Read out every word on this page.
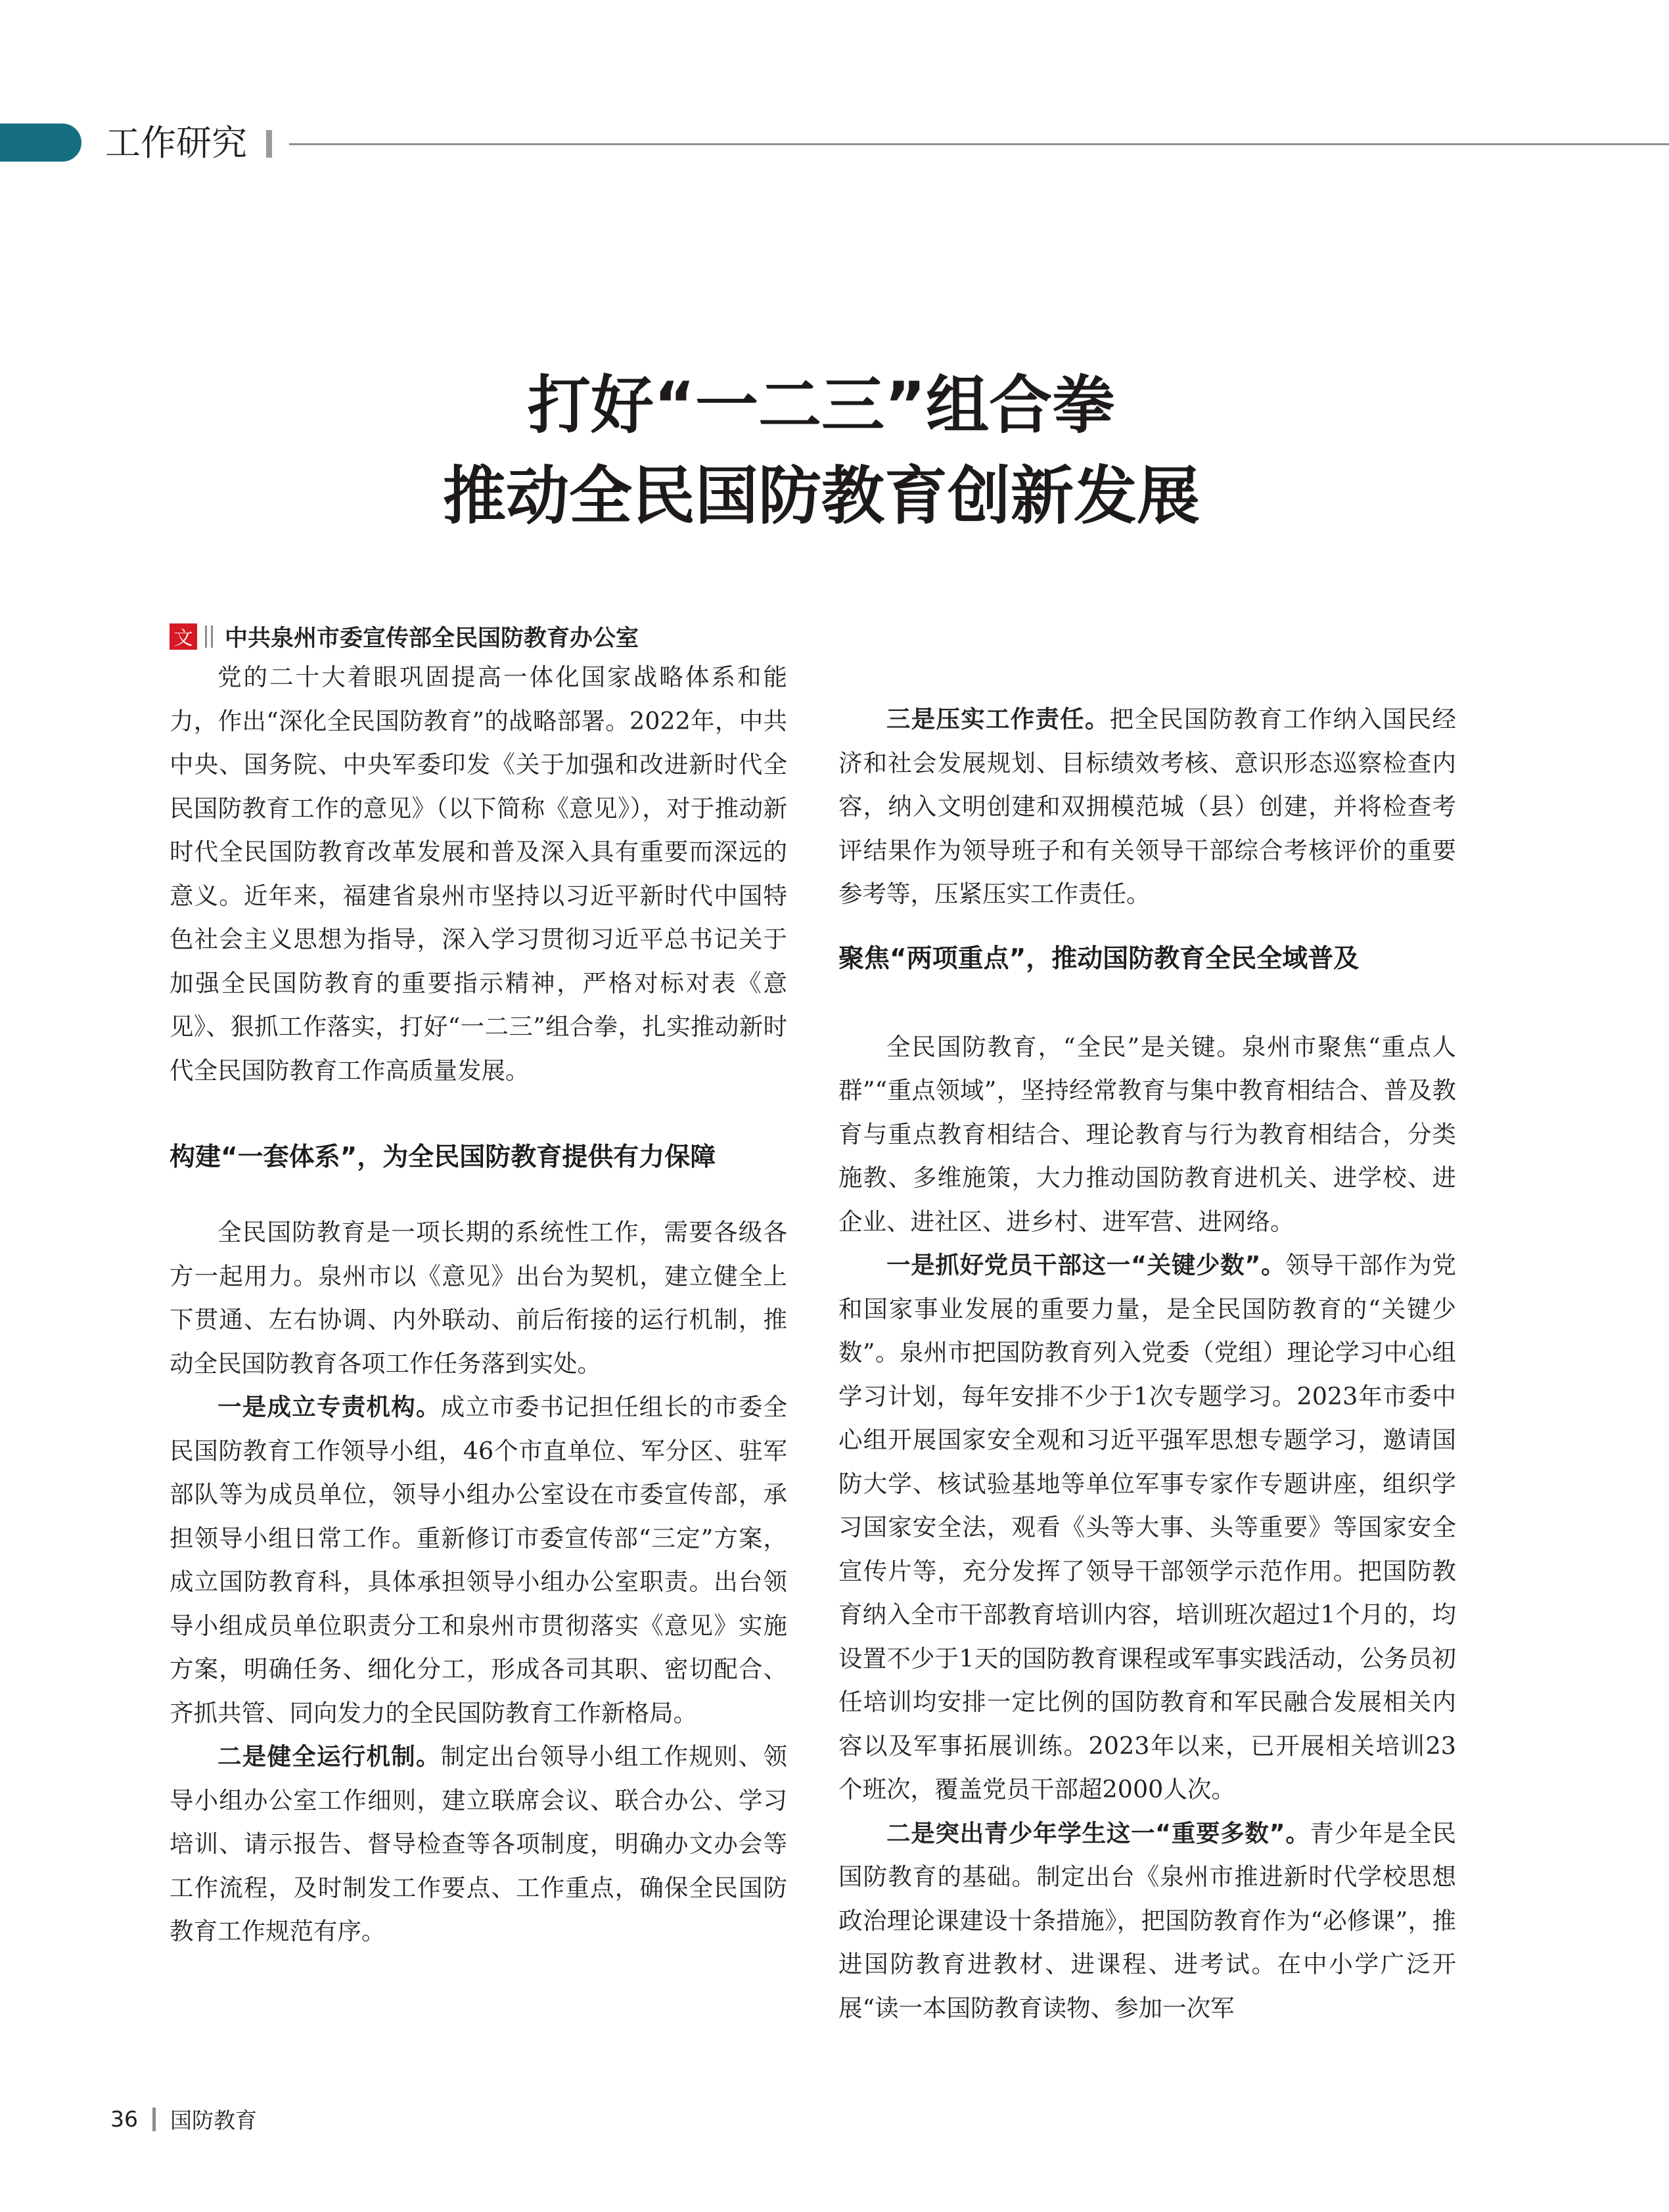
工作研究
打好“一二三”组合拳
推动全民国防教育创新发展
文 中共泉州市委宣传部全民国防教育办公室

党的二十大着眼巩固提高一体化国家战略体系和能力，作出“深化全民国防教育”的战略部署。2022年，中共中央、国务院、中央军委印发《关于加强和改进新时代全民国防教育工作的意见》（以下简称《意见》），对于推动新时代全民国防教育改革发展和普及深入具有重要而深远的意义。近年来，福建省泉州市坚持以习近平新时代中国特色社会主义思想为指导，深入学习贯彻习近平总书记关于加强全民国防教育的重要指示精神，严格对标对表《意见》、狠抓工作落实，打好“一二三”组合拳，扎实推动新时代全民国防教育工作高质量发展。

构建“一套体系”，为全民国防教育提供有力保障

全民国防教育是一项长期的系统性工作，需要各级各方一起用力。泉州市以《意见》出台为契机，建立健全上下贯通、左右协调、内外联动、前后衔接的运行机制，推动全民国防教育各项工作任务落到实处。

一是成立专责机构。成立市委书记担任组长的市委全民国防教育工作领导小组，46个市直单位、军分区、驻军部队等为成员单位，领导小组办公室设在市委宣传部，承担领导小组日常工作。重新修订市委宣传部“三定”方案，成立国防教育科，具体承担领导小组办公室职责。出台领导小组成员单位职责分工和泉州市贯彻落实《意见》实施方案，明确任务、细化分工，形成各司其职、密切配合、齐抓共管、同向发力的全民国防教育工作新格局。

二是健全运行机制。制定出台领导小组工作规则、领导小组办公室工作细则，建立联席会议、联合办公、学习培训、请示报告、督导检查等各项制度，明确办文办会等工作流程，及时制发工作要点、工作重点，确保全民国防教育工作规范有序。

三是压实工作责任。把全民国防教育工作纳入国民经济和社会发展规划、目标绩效考核、意识形态巡察检查内容，纳入文明创建和双拥模范城（县）创建，并将检查考评结果作为领导班子和有关领导干部综合考核评价的重要参考等，压紧压实工作责任。

聚焦“两项重点”，推动国防教育全民全域普及

全民国防教育，“全民”是关键。泉州市聚焦“重点人群”“重点领域”，坚持经常教育与集中教育相结合、普及教育与重点教育相结合、理论教育与行为教育相结合，分类施教、多维施策，大力推动国防教育进机关、进学校、进企业、进社区、进乡村、进军营、进网络。

一是抓好党员干部这一“关键少数”。领导干部作为党和国家事业发展的重要力量，是全民国防教育的“关键少数”。泉州市把国防教育列入党委（党组）理论学习中心组学习计划，每年安排不少于1次专题学习。2023年市委中心组开展国家安全观和习近平强军思想专题学习，邀请国防大学、核试验基地等单位军事专家作专题讲座，组织学习国家安全法，观看《头等大事、头等重要》等国家安全宣传片等，充分发挥了领导干部领学示范作用。把国防教育纳入全市干部教育培训内容，培训班次超过1个月的，均设置不少于1天的国防教育课程或军事实践活动，公务员初任培训均安排一定比例的国防教育和军民融合发展相关内容以及军事拓展训练。2023年以来，已开展相关培训23个班次，覆盖党员干部超2000人次。

二是突出青少年学生这一“重要多数”。青少年是全民国防教育的基础。制定出台《泉州市推进新时代学校思想政治理论课建设十条措施》，把国防教育作为“必修课”，推进国防教育进教材、进课程、进考试。在中小学广泛开展“读一本国防教育读物、参加一次军

36 国防教育
